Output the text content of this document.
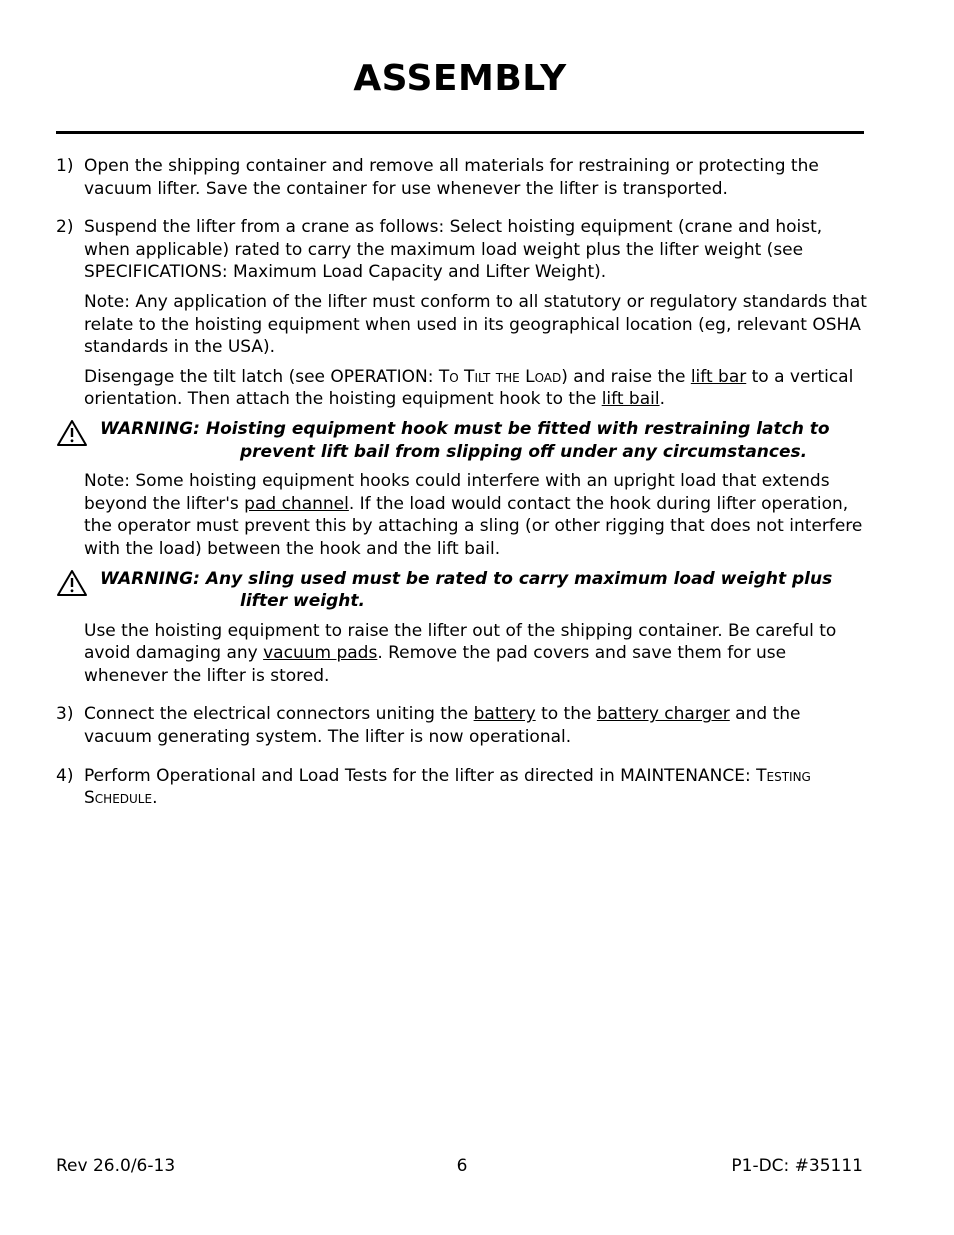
ASSEMBLY
1) Open the shipping container and remove all materials for restraining or protecting the vacuum lifter. Save the container for use whenever the lifter is transported.
2) Suspend the lifter from a crane as follows: Select hoisting equipment (crane and hoist, when applicable) rated to carry the maximum load weight plus the lifter weight (see SPECIFICATIONS: Maximum Load Capacity and Lifter Weight).
Note: Any application of the lifter must conform to all statutory or regulatory standards that relate to the hoisting equipment when used in its geographical location (eg, relevant OSHA standards in the USA).
Disengage the tilt latch (see OPERATION: To Tilt the Load) and raise the lift bar to a vertical orientation. Then attach the hoisting equipment hook to the lift bail.
WARNING: Hoisting equipment hook must be fitted with restraining latch to
prevent lift bail from slipping off under any circumstances.
Note: Some hoisting equipment hooks could interfere with an upright load that extends beyond the lifter's pad channel. If the load would contact the hook during lifter operation, the operator must prevent this by attaching a sling (or other rigging that does not interfere with the load) between the hook and the lift bail.
WARNING: Any sling used must be rated to carry maximum load weight plus
lifter weight.
Use the hoisting equipment to raise the lifter out of the shipping container. Be careful to avoid damaging any vacuum pads. Remove the pad covers and save them for use whenever the lifter is stored.
3) Connect the electrical connectors uniting the battery to the battery charger and the vacuum generating system. The lifter is now operational.
4) Perform Operational and Load Tests for the lifter as directed in MAINTENANCE: Testing Schedule.
Rev 26.0/6-13	6	P1-DC: #35111
